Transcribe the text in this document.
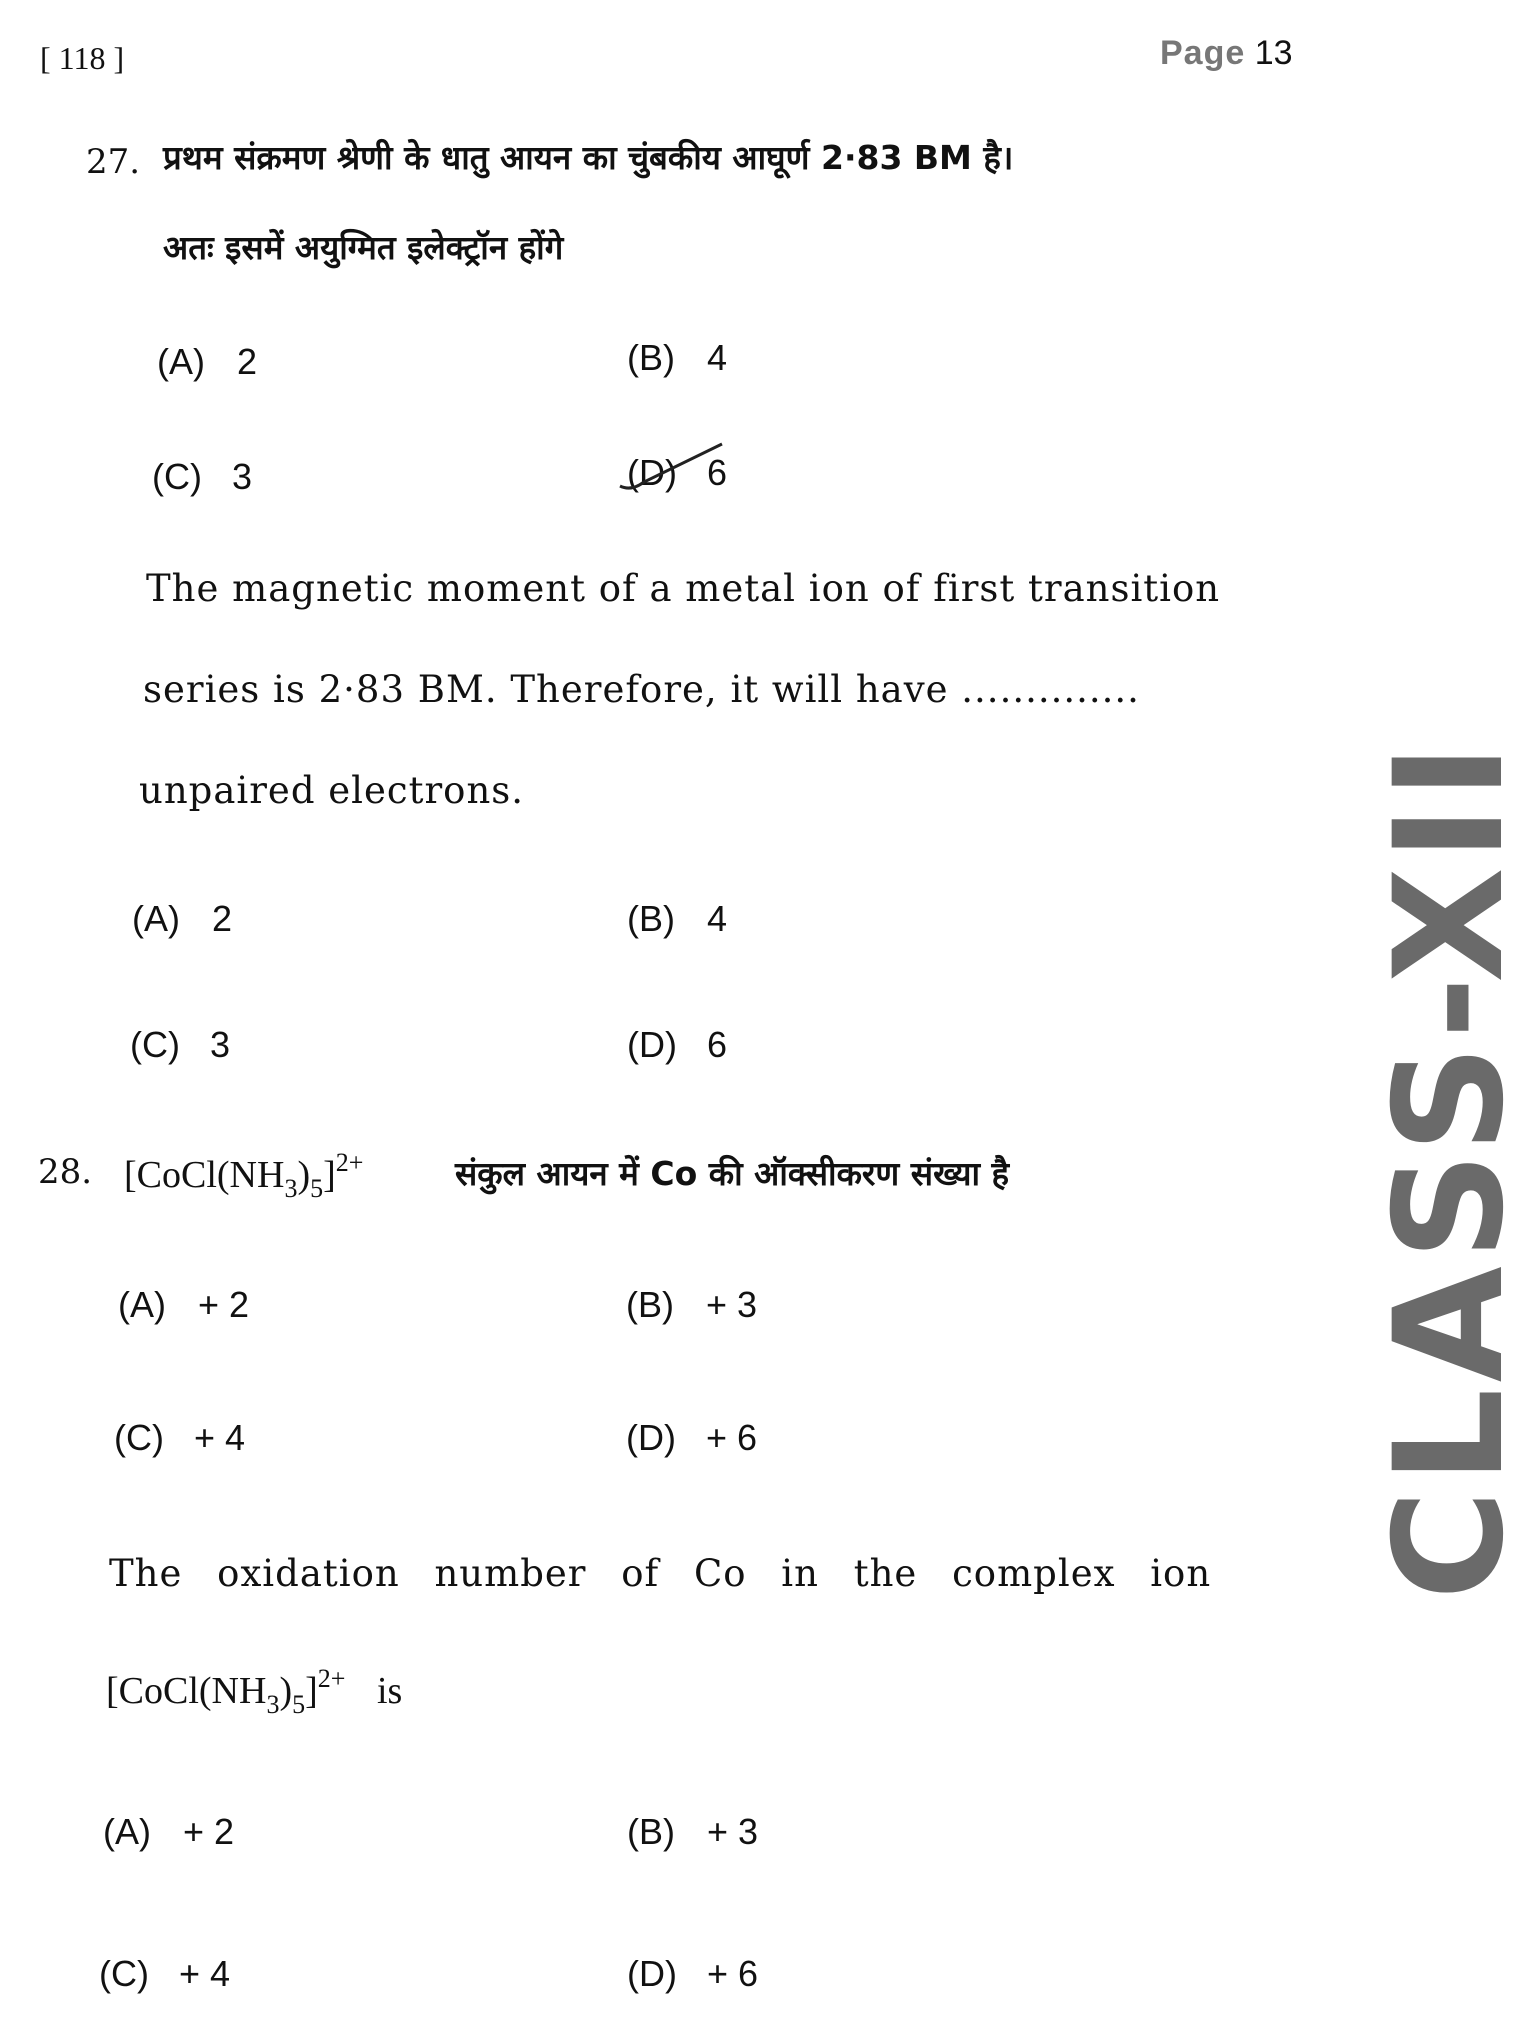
[ 118 ]	Page 13
CLASS-XII
27. प्रथम संक्रमण श्रेणी के धातु आयन का चुंबकीय आघूर्ण 2·83 BM है।
अतः इसमें अयुग्मित इलेक्ट्रॉन होंगे
(A) 2	(B) 4
(C) 3	(D) 6
The magnetic moment of a metal ion of first transition
series is 2·83 BM. Therefore, it will have ..............
unpaired electrons.
(A) 2	(B) 4
(C) 3	(D) 6
28. $[CoCl(NH_3)_5]^{2+}$	संकुल आयन में Co की ऑक्सीकरण संख्या है
(A) + 2	(B) + 3
(C) + 4	(D) + 6
The oxidation number of Co in the complex ion
$[CoCl(NH_3)_5]^{2+}$ is
(A) + 2	(B) + 3
(C) + 4	(D) + 6
